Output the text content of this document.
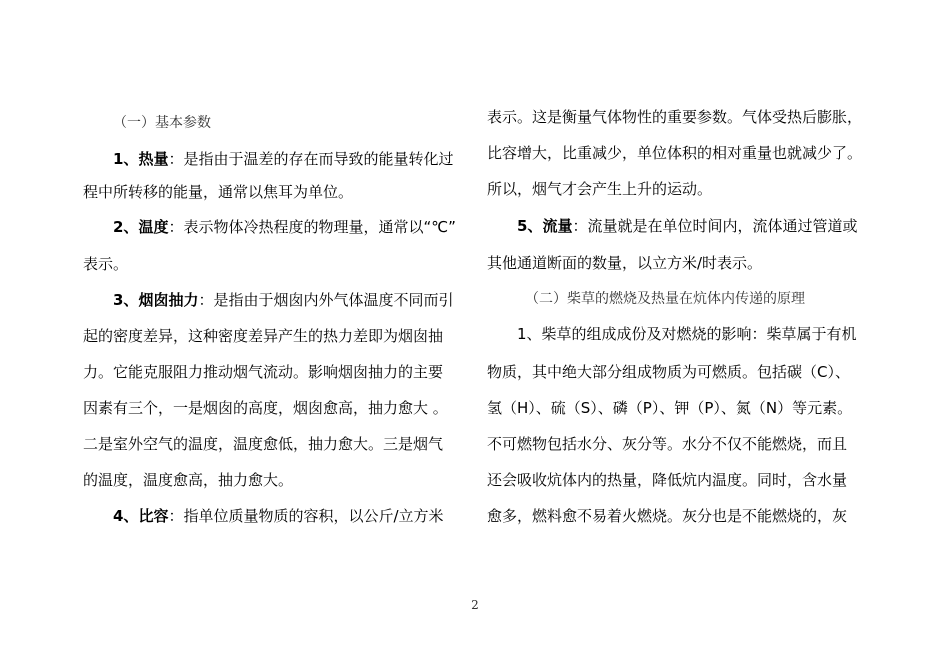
（一）基本参数
1、热量：是指由于温差的存在而导致的能量转化过
程中所转移的能量，通常以焦耳为单位。
2、温度：表示物体冷热程度的物理量，通常以“℃”
表示。
3、烟囱抽力：是指由于烟囱内外气体温度不同而引
起的密度差异，这种密度差异产生的热力差即为烟囱抽
力。它能克服阻力推动烟气流动。影响烟囱抽力的主要
因素有三个，一是烟囱的高度，烟囱愈高，抽力愈大 。
二是室外空气的温度，温度愈低，抽力愈大。三是烟气
的温度，温度愈高，抽力愈大。
4、比容：指单位质量物质的容积，以公斤/立方米
表示。这是衡量气体物性的重要参数。气体受热后膨胀，
比容增大，比重减少，单位体积的相对重量也就减少了。
所以，烟气才会产生上升的运动。
5、流量：流量就是在单位时间内，流体通过管道或
其他通道断面的数量，以立方米/时表示。
（二）柴草的燃烧及热量在炕体内传递的原理
1、柴草的组成成份及对燃烧的影响：柴草属于有机
物质，其中绝大部分组成物质为可燃质。包括碳（C）、
氢（H）、硫（S）、磷（P）、钾（P）、氮（N）等元素。
不可燃物包括水分、灰分等。水分不仅不能燃烧，而且
还会吸收炕体内的热量，降低炕内温度。同时，含水量
愈多，燃料愈不易着火燃烧。灰分也是不能燃烧的，灰
2
